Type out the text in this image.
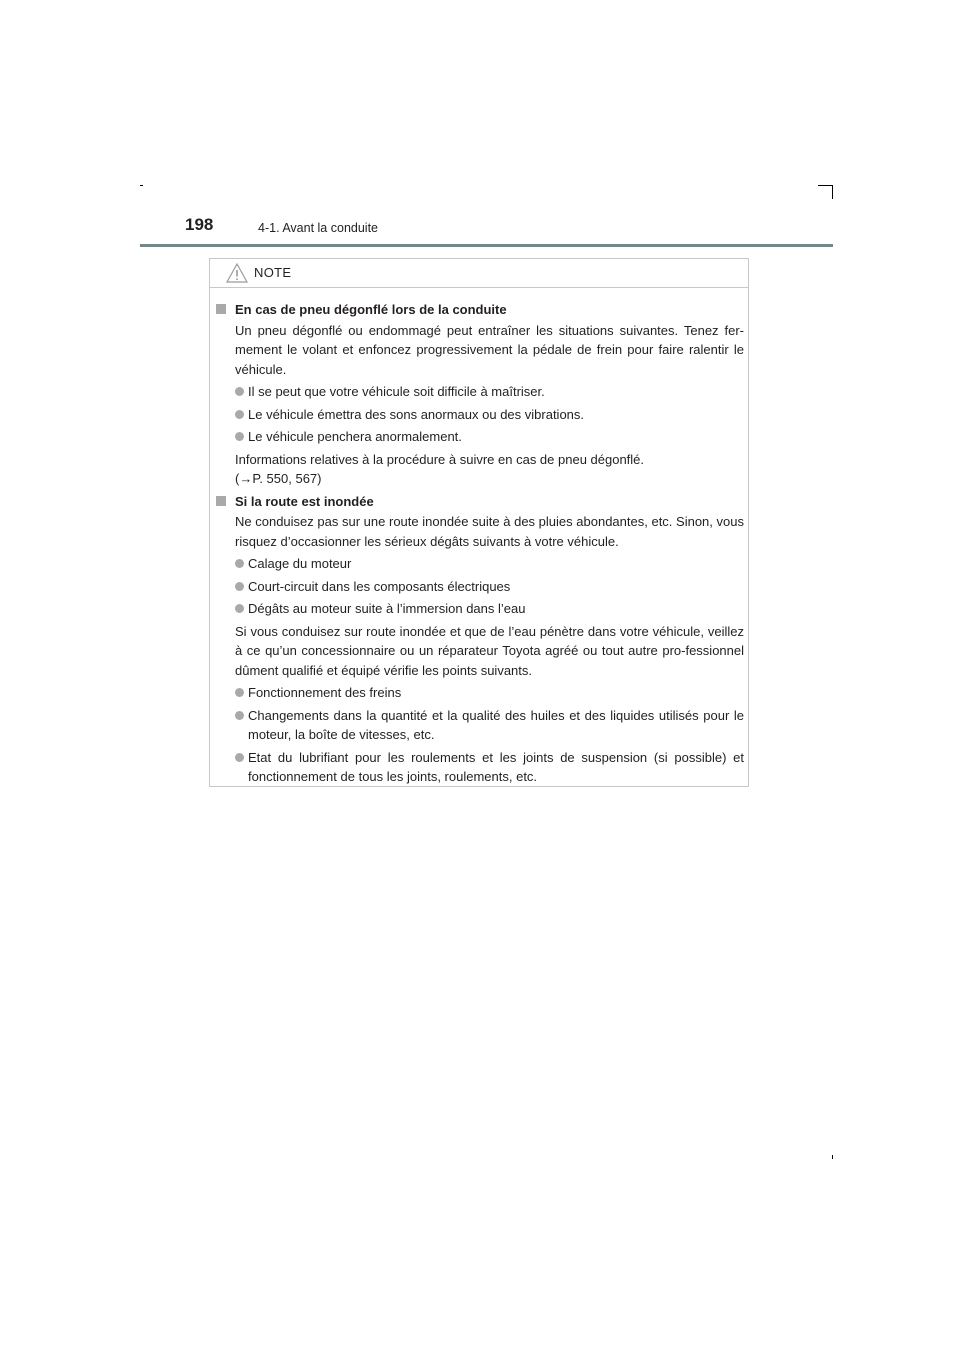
198	4-1. Avant la conduite
NOTE
En cas de pneu dégonflé lors de la conduite
Un pneu dégonflé ou endommagé peut entraîner les situations suivantes. Tenez fer-mement le volant et enfoncez progressivement la pédale de frein pour faire ralentir le véhicule.
Il se peut que votre véhicule soit difficile à maîtriser.
Le véhicule émettra des sons anormaux ou des vibrations.
Le véhicule penchera anormalement.
Informations relatives à la procédure à suivre en cas de pneu dégonflé.
(→P. 550, 567)
Si la route est inondée
Ne conduisez pas sur une route inondée suite à des pluies abondantes, etc. Sinon, vous risquez d’occasionner les sérieux dégâts suivants à votre véhicule.
Calage du moteur
Court-circuit dans les composants électriques
Dégâts au moteur suite à l’immersion dans l’eau
Si vous conduisez sur route inondée et que de l’eau pénètre dans votre véhicule, veillez à ce qu’un concessionnaire ou un réparateur Toyota agréé ou tout autre pro-fessionnel dûment qualifié et équipé vérifie les points suivants.
Fonctionnement des freins
Changements dans la quantité et la qualité des huiles et des liquides utilisés pour le moteur, la boîte de vitesses, etc.
Etat du lubrifiant pour les roulements et les joints de suspension (si possible) et fonctionnement de tous les joints, roulements, etc.
